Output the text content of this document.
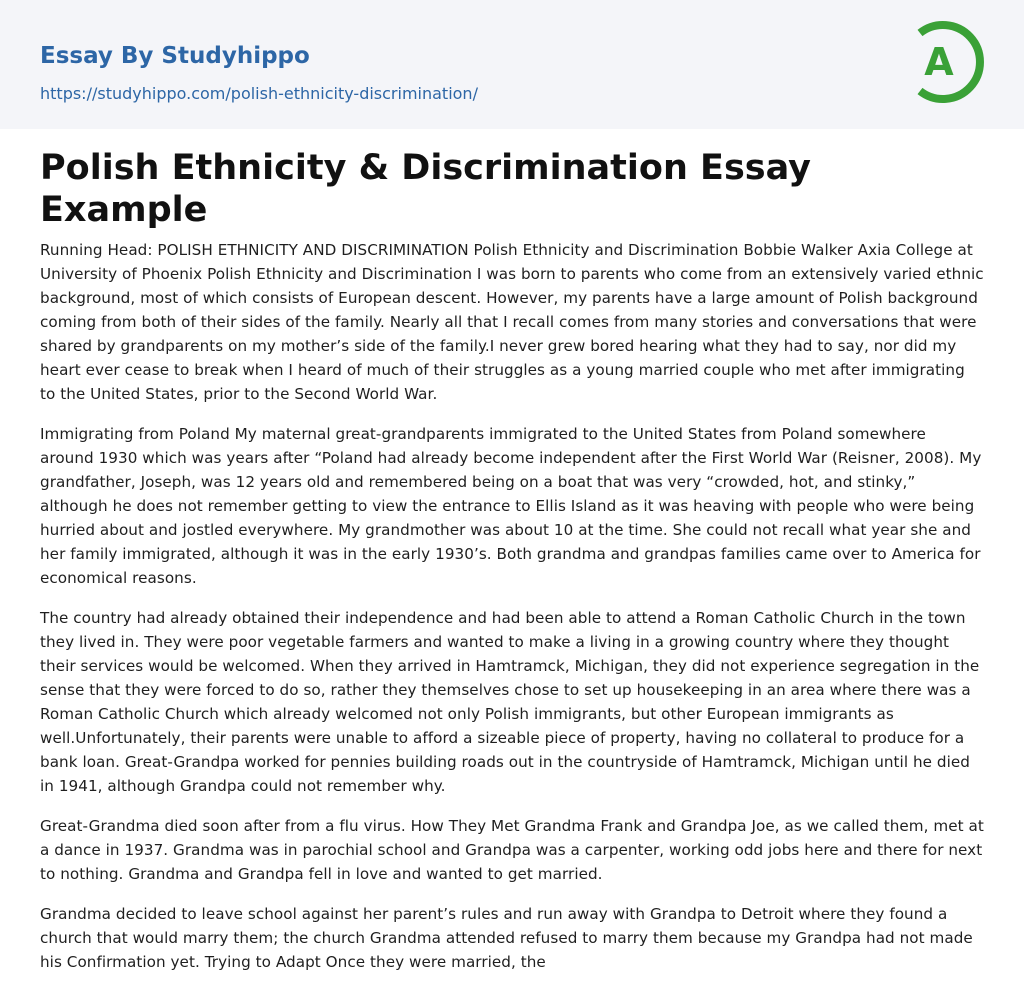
Essay By Studyhippo
https://studyhippo.com/polish-ethnicity-discrimination/
A
Polish Ethnicity & Discrimination Essay Example

Running Head: POLISH ETHNICITY AND DISCRIMINATION Polish Ethnicity and Discrimination Bobbie Walker Axia College at University of Phoenix Polish Ethnicity and Discrimination I was born to parents who come from an extensively varied ethnic background, most of which consists of European descent. However, my parents have a large amount of Polish background coming from both of their sides of the family. Nearly all that I recall comes from many stories and conversations that were shared by grandparents on my mother’s side of the family.I never grew bored hearing what they had to say, nor did my heart ever cease to break when I heard of much of their struggles as a young married couple who met after immigrating to the United States, prior to the Second World War.

Immigrating from Poland My maternal great-grandparents immigrated to the United States from Poland somewhere around 1930 which was years after “Poland had already become independent after the First World War (Reisner, 2008). My grandfather, Joseph, was 12 years old and remembered being on a boat that was very “crowded, hot, and stinky,” although he does not remember getting to view the entrance to Ellis Island as it was heaving with people who were being hurried about and jostled everywhere. My grandmother was about 10 at the time. She could not recall what year she and her family immigrated, although it was in the early 1930’s. Both grandma and grandpas families came over to America for economical reasons.

The country had already obtained their independence and had been able to attend a Roman Catholic Church in the town they lived in. They were poor vegetable farmers and wanted to make a living in a growing country where they thought their services would be welcomed. When they arrived in Hamtramck, Michigan, they did not experience segregation in the sense that they were forced to do so, rather they themselves chose to set up housekeeping in an area where there was a Roman Catholic Church which already welcomed not only Polish immigrants, but other European immigrants as well.Unfortunately, their parents were unable to afford a sizeable piece of property, having no collateral to produce for a bank loan. Great-Grandpa worked for pennies building roads out in the countryside of Hamtramck, Michigan until he died in 1941, although Grandpa could not remember why.

Great-Grandma died soon after from a flu virus. How They Met Grandma Frank and Grandpa Joe, as we called them, met at a dance in 1937. Grandma was in parochial school and Grandpa was a carpenter, working odd jobs here and there for next to nothing. Grandma and Grandpa fell in love and wanted to get married.

Grandma decided to leave school against her parent’s rules and run away with Grandpa to Detroit where they found a church that would marry them; the church Grandma attended refused to marry them because my Grandpa had not made his Confirmation yet. Trying to Adapt Once they were married, the
